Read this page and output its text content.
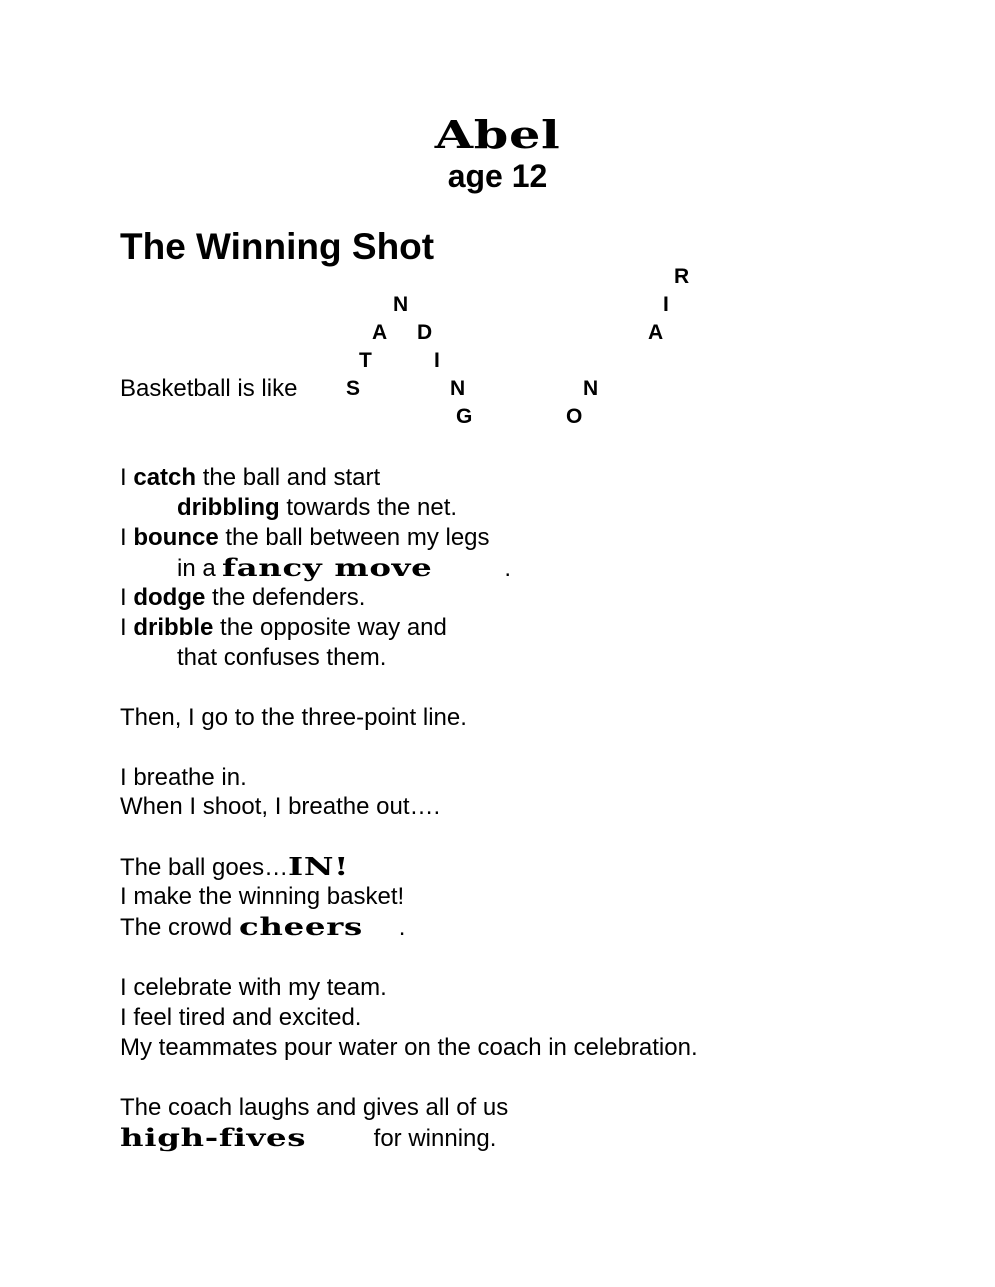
Abel
age 12
The Winning Shot
Basketball is like S
T
A
N
D
I
N
G	O
N
A
I
R
I catch the ball and start
dribbling towards the net.
I bounce the ball between my legs
in a fancy move	.
I dodge the defenders.
I dribble the opposite way and
that confuses them.
Then, I go to the three-point line.
I breathe in.
When I shoot, I breathe out….
The ball goes…IN!
I make the winning basket!
The crowd cheers .
I celebrate with my team.
I feel tired and excited.
My teammates pour water on the coach in celebration.
The coach laughs and gives all of us
high-fives	for winning.
